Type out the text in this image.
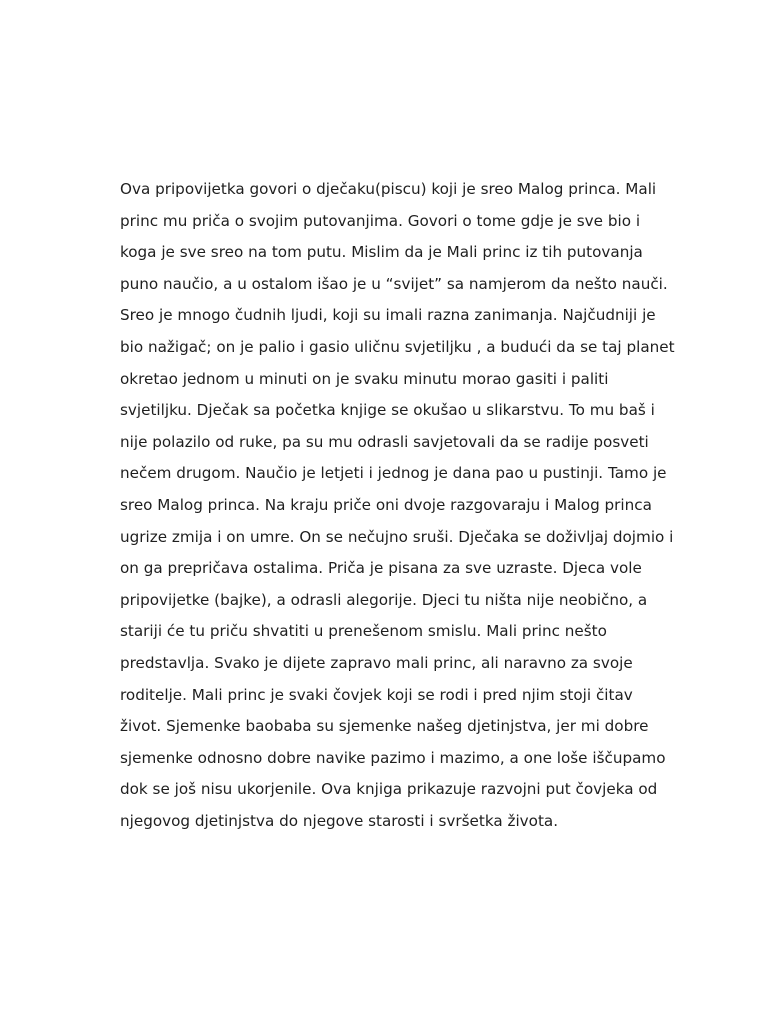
Ova pripovijetka govori o dječaku(piscu) koji je sreo Malog princa. Mali
princ mu priča o svojim putovanjima. Govori o tome gdje je sve bio i
koga je sve sreo na tom putu. Mislim da je Mali princ iz tih putovanja
puno naučio, a u ostalom išao je u “svijet” sa namjerom da nešto nauči.
Sreo je mnogo čudnih ljudi, koji su imali razna zanimanja. Najčudniji je
bio nažigač; on je palio i gasio uličnu svjetiljku , a budući da se taj planet
okretao jednom u minuti on je svaku minutu morao gasiti i paliti
svjetiljku. Dječak sa početka knjige se okušao u slikarstvu. To mu baš i
nije polazilo od ruke, pa su mu odrasli savjetovali da se radije posveti
nečem drugom. Naučio je letjeti i jednog je dana pao u pustinji. Tamo je
sreo Malog princa. Na kraju priče oni dvoje razgovaraju i Malog princa
ugrize zmija i on umre. On se nečujno sruši. Dječaka se doživljaj dojmio i
on ga prepričava ostalima. Priča je pisana za sve uzraste. Djeca vole
pripovijetke (bajke), a odrasli alegorije. Djeci tu ništa nije neobično, a
stariji će tu priču shvatiti u prenešenom smislu. Mali princ nešto
predstavlja. Svako je dijete zapravo mali princ, ali naravno za svoje
roditelje. Mali princ je svaki čovjek koji se rodi i pred njim stoji čitav
život. Sjemenke baobaba su sjemenke našeg djetinjstva, jer mi dobre
sjemenke odnosno dobre navike pazimo i mazimo, a one loše iščupamo
dok se još nisu ukorjenile. Ova knjiga prikazuje razvojni put čovjeka od
njegovog djetinjstva do njegove starosti i svršetka života.
